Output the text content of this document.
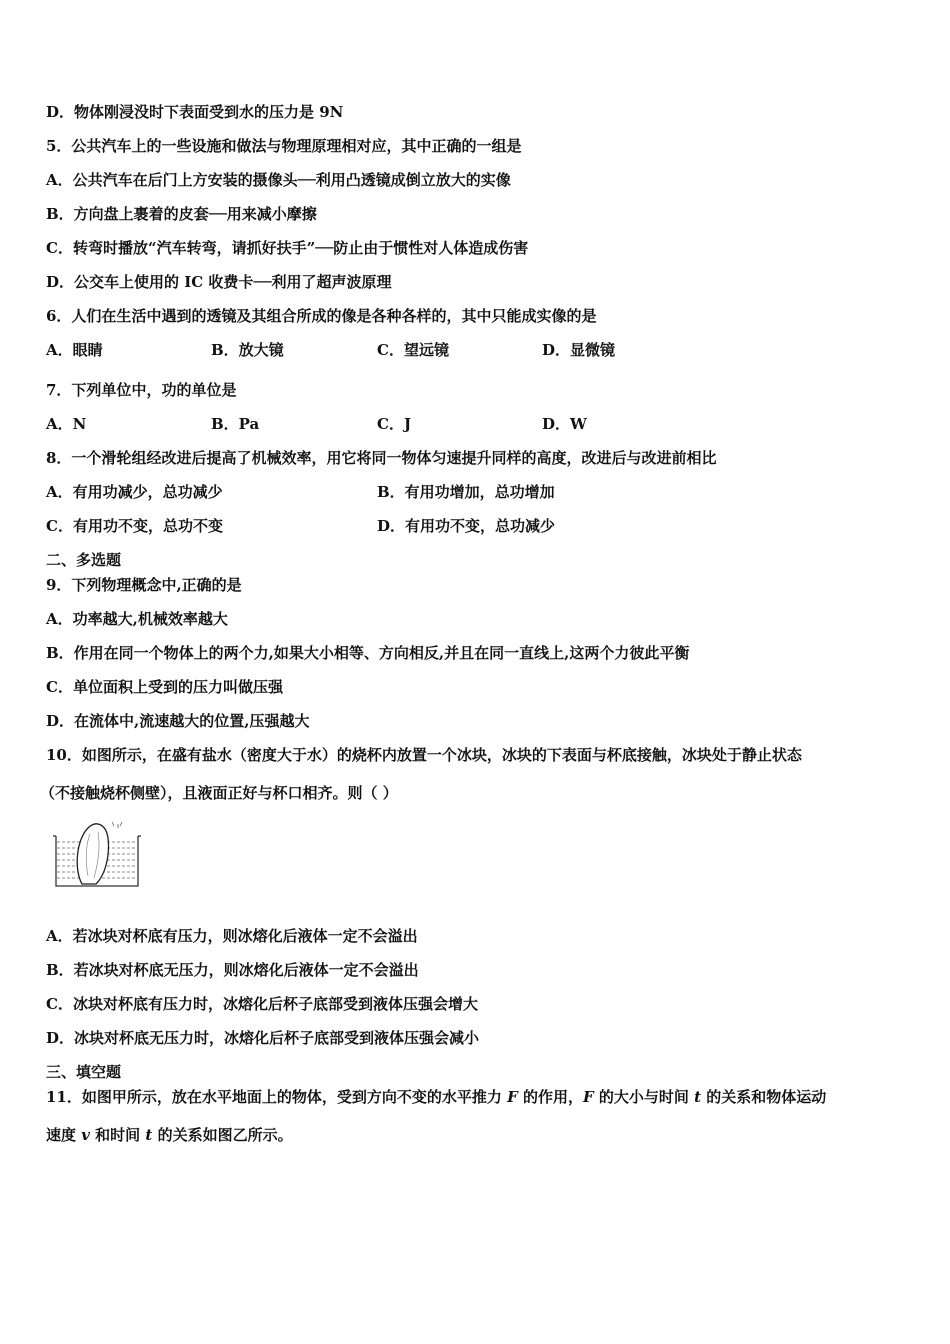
D．物体刚浸没时下表面受到水的压力是 9N
5．公共汽车上的一些设施和做法与物理原理相对应，其中正确的一组是
A．公共汽车在后门上方安装的摄像头──利用凸透镜成倒立放大的实像
B．方向盘上裹着的皮套──用来减小摩擦
C．转弯时播放“汽车转弯，请抓好扶手”──防止由于惯性对人体造成伤害
D．公交车上使用的 IC 收费卡──利用了超声波原理
6．人们在生活中遇到的透镜及其组合所成的像是各种各样的，其中只能成实像的是
A．眼睛	B．放大镜	C．望远镜	D．显微镜
7．下列单位中，功的单位是
A．N	B．Pa	C．J	D．W
8．一个滑轮组经改进后提高了机械效率，用它将同一物体匀速提升同样的高度，改进后与改进前相比
A．有用功减少，总功减少	B．有用功增加，总功增加
C．有用功不变，总功不变	D．有用功不变，总功减少
二、多选题
9．下列物理概念中,正确的是
A．功率越大,机械效率越大
B．作用在同一个物体上的两个力,如果大小相等、方向相反,并且在同一直线上,这两个力彼此平衡
C．单位面积上受到的压力叫做压强
D．在流体中,流速越大的位置,压强越大
10．如图所示，在盛有盐水（密度大于水）的烧杯内放置一个冰块，冰块的下表面与杯底接触，冰块处于静止状态
（不接触烧杯侧壁），且液面正好与杯口相齐。则（ ）
A．若冰块对杯底有压力，则冰熔化后液体一定不会溢出
B．若冰块对杯底无压力，则冰熔化后液体一定不会溢出
C．冰块对杯底有压力时，冰熔化后杯子底部受到液体压强会增大
D．冰块对杯底无压力时，冰熔化后杯子底部受到液体压强会减小
三、填空题
11．如图甲所示，放在水平地面上的物体，受到方向不变的水平推力 F 的作用，F 的大小与时间 t 的关系和物体运动
速度 v 和时间 t 的关系如图乙所示。
